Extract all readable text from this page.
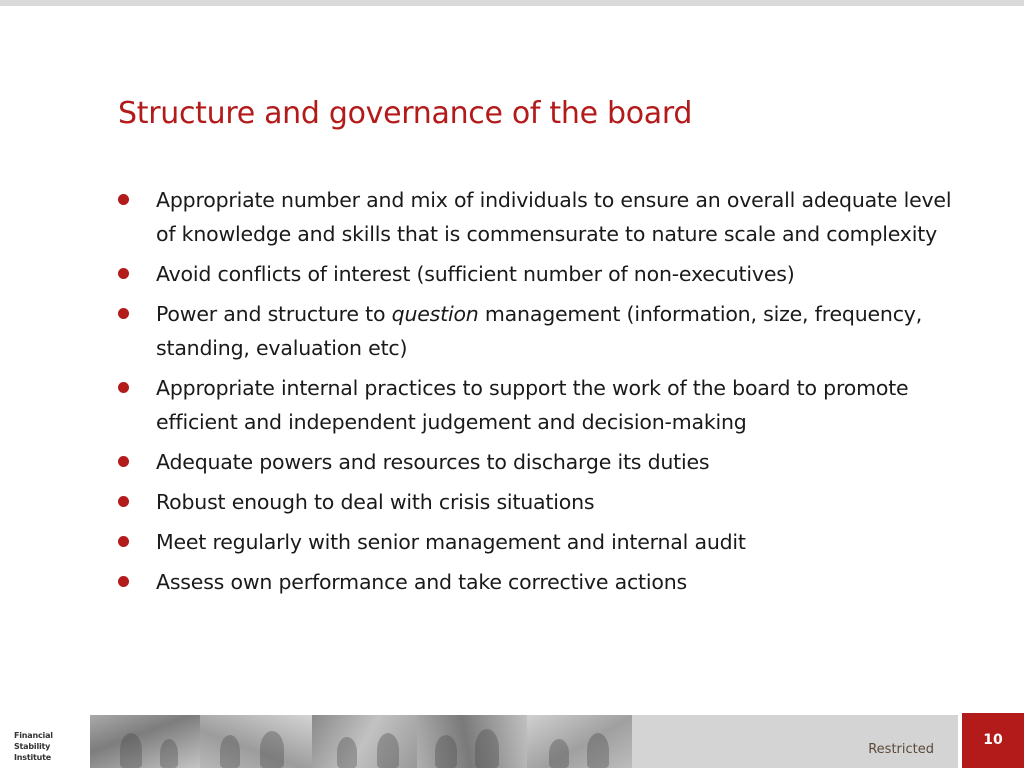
Structure and governance of the board
Appropriate number and mix of individuals to ensure an overall adequate level of knowledge and skills that is commensurate to nature scale and complexity
Avoid conflicts of interest (sufficient number of non-executives)
Power and structure to question management (information, size, frequency, standing, evaluation etc)
Appropriate internal practices to support the work of the board to promote efficient and independent judgement and decision-making
Adequate powers and resources to discharge its duties
Robust enough to deal with crisis situations
Meet regularly with senior management and internal audit
Assess own performance and take corrective actions
Financial Stability
Institute
Restricted
10
